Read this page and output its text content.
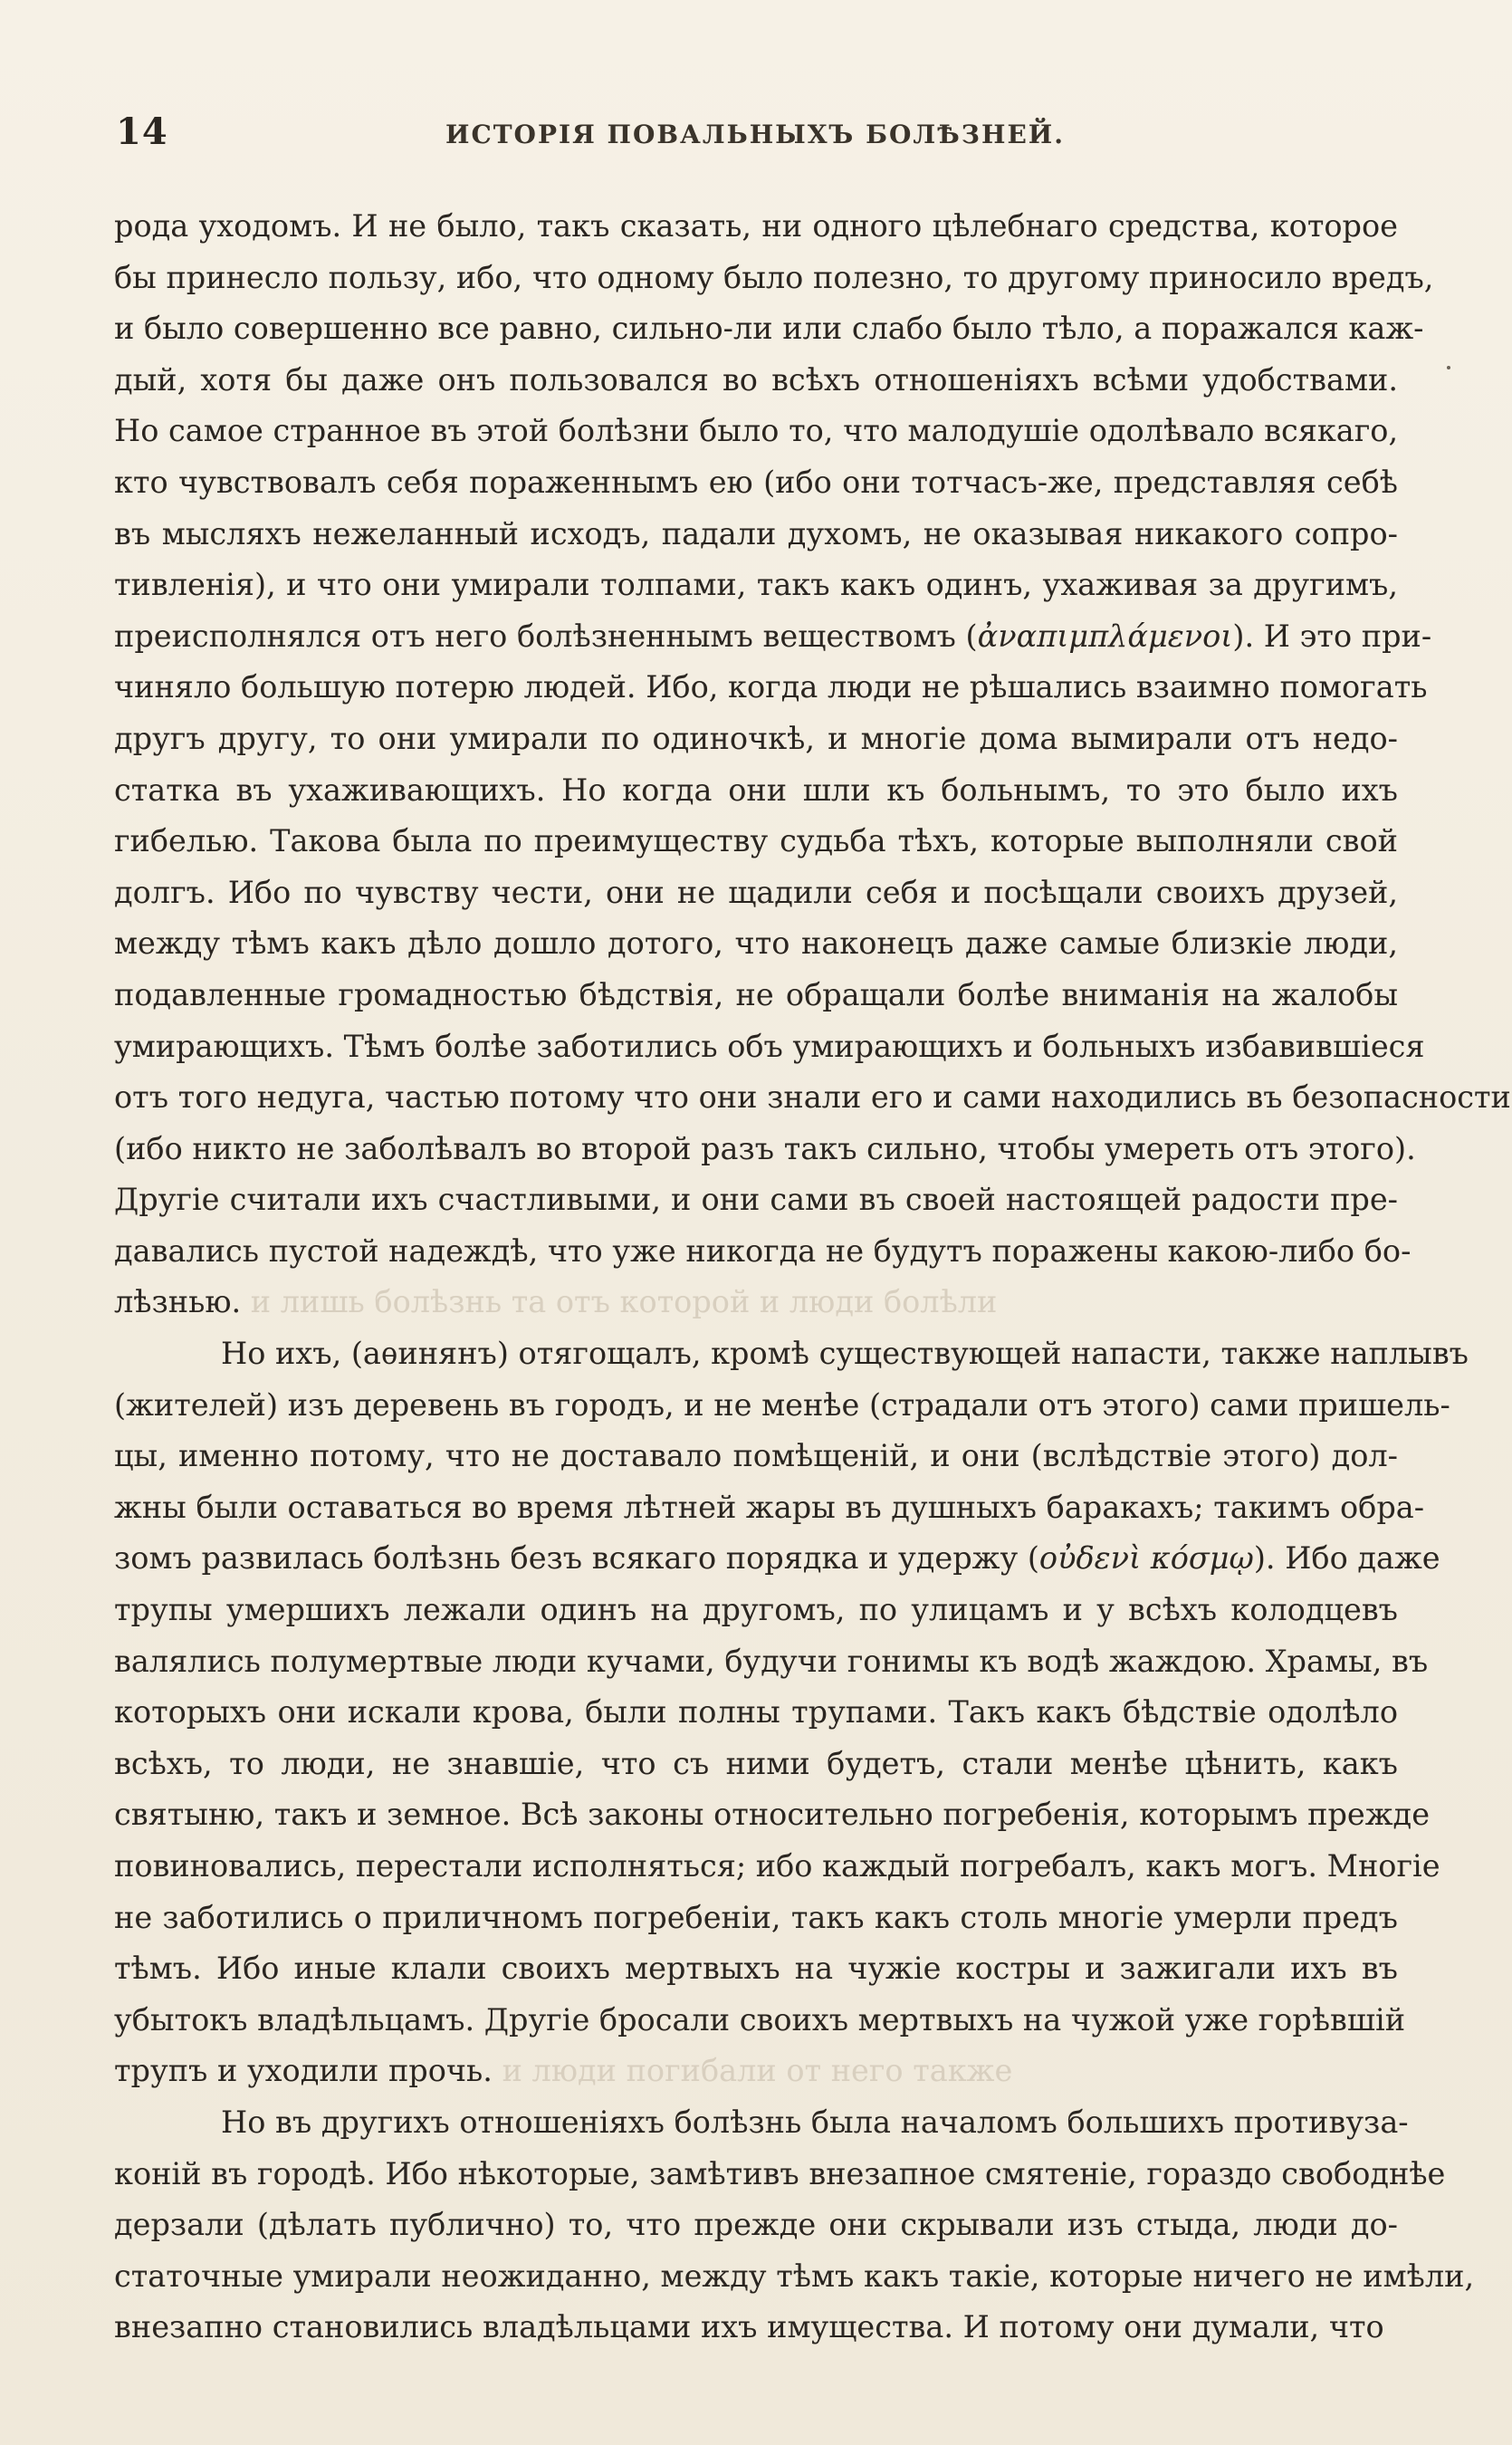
14	ИСТОРІЯ ПОВАЛЬНЫХЪ БОЛѢЗНЕЙ.
рода уходомъ. И не было, такъ сказать, ни одного цѣлебнаго средства, которое
бы принесло пользу, ибо, что одному было полезно, то другому приносило вредъ,
и было совершенно все равно, сильно-ли или слабо было тѣло, а поражался каж-
дый, хотя бы даже онъ пользовался во всѣхъ отношеніяхъ всѣми удобствами.
Но самое странное въ этой болѣзни было то, что малодушіе одолѣвало всякаго,
кто чувствовалъ себя пораженнымъ ею (ибо они тотчасъ-же, представляя себѣ
въ мысляхъ нежеланный исходъ, падали духомъ, не оказывая никакого сопро-
тивленія), и что они умирали толпами, такъ какъ одинъ, ухаживая за другимъ,
преисполнялся отъ него болѣзненнымъ веществомъ (ἀναπιμπλάμενοι). И это при-
чиняло большую потерю людей. Ибо, когда люди не рѣшались взаимно помогать
другъ другу, то они умирали по одиночкѣ, и многіе дома вымирали отъ недо-
статка въ ухаживающихъ. Но когда они шли къ больнымъ, то это было ихъ
гибелью. Такова была по преимуществу судьба тѣхъ, которые выполняли свой
долгъ. Ибо по чувству чести, они не щадили себя и посѣщали своихъ друзей,
между тѣмъ какъ дѣло дошло дотого, что наконецъ даже самые близкіе люди,
подавленные громадностью бѣдствія, не обращали болѣе вниманія на жалобы
умирающихъ. Тѣмъ болѣе заботились объ умирающихъ и больныхъ избавившіеся
отъ того недуга, частью потому что они знали его и сами находились въ безопасности
(ибо никто не заболѣвалъ во второй разъ такъ сильно, чтобы умереть отъ этого).
Другіе считали ихъ счастливыми, и они сами въ своей настоящей радости пре-
давались пустой надеждѣ, что уже никогда не будутъ поражены какою-либо бо-
лѣзнью. и лишь болѣзнь та отъ которой и люди болѣли
Но ихъ, (аѳинянъ) отягощалъ, кромѣ существующей напасти, также наплывъ
(жителей) изъ деревень въ городъ, и не менѣе (страдали отъ этого) сами пришель-
цы, именно потому, что не доставало помѣщеній, и они (вслѣдствіе этого) дол-
жны были оставаться во время лѣтней жары въ душныхъ баракахъ; такимъ обра-
зомъ развилась болѣзнь безъ всякаго порядка и удержу (οὐδενὶ κόσμῳ). Ибо даже
трупы умершихъ лежали одинъ на другомъ, по улицамъ и у всѣхъ колодцевъ
валялись полумертвые люди кучами, будучи гонимы къ водѣ жаждою. Храмы, въ
которыхъ они искали крова, были полны трупами. Такъ какъ бѣдствіе одолѣло
всѣхъ, то люди, не знавшіе, что съ ними будетъ, стали менѣе цѣнить, какъ
святыню, такъ и земное. Всѣ законы относительно погребенія, которымъ прежде
повиновались, перестали исполняться; ибо каждый погребалъ, какъ могъ. Многіе
не заботились о приличномъ погребеніи, такъ какъ столь многіе умерли предъ
тѣмъ. Ибо иные клали своихъ мертвыхъ на чужіе костры и зажигали ихъ въ
убытокъ владѣльцамъ. Другіе бросали своихъ мертвыхъ на чужой уже горѣвшій
трупъ и уходили прочь. и люди погибали от него также
Но въ другихъ отношеніяхъ болѣзнь была началомъ большихъ противуза-
коній въ городѣ. Ибо нѣкоторые, замѣтивъ внезапное смятеніе, гораздо свободнѣе
дерзали (дѣлать публично) то, что прежде они скрывали изъ стыда, люди до-
статочные умирали неожиданно, между тѣмъ какъ такіе, которые ничего не имѣли,
внезапно становились владѣльцами ихъ имущества. И потому они думали, что
